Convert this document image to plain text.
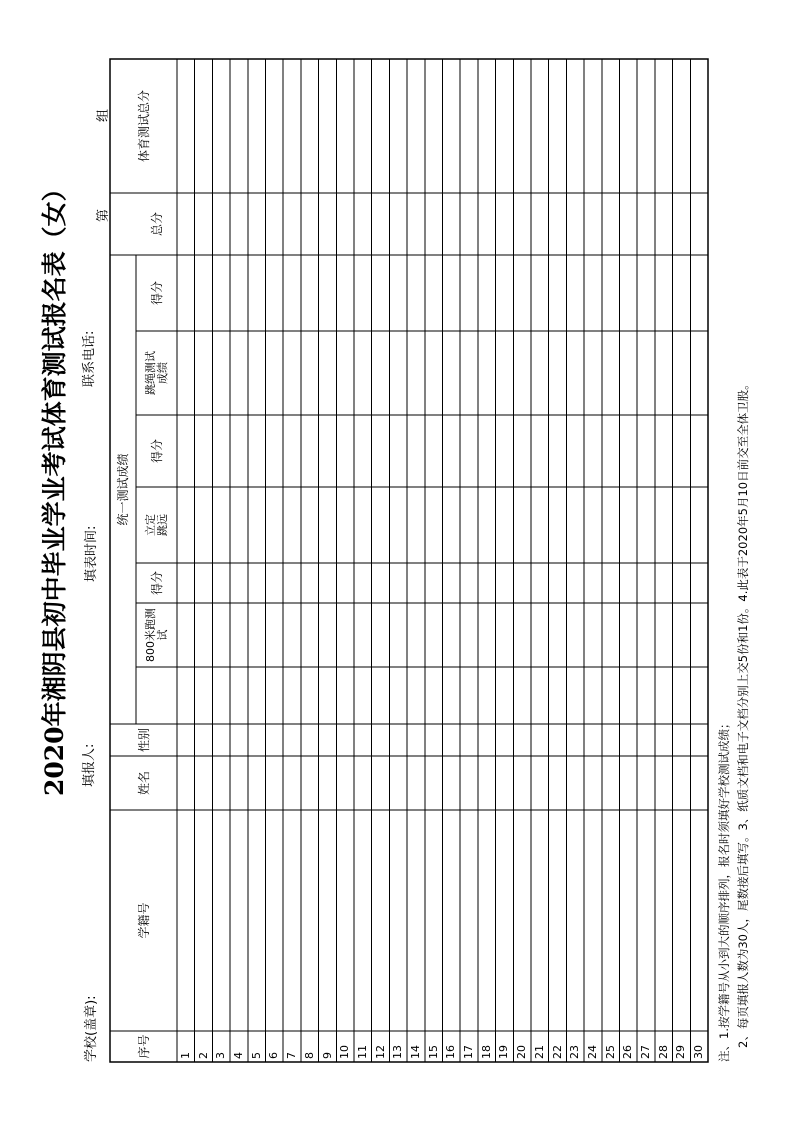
2020年湘阴县初中毕业学业考试体育测试报名表（女）
学校(盖章):
填报人:
填表时间:
联系电话:
第
组
序号
学籍号
姓名
性别
统一测试成绩
800米跑测试
得分
立定跳远
得分
跳绳测试成绩
得分
总分
1 2 3 4 5 6 7 8 9 10 11 12 13 14 15 16 17 18 19 20 21 22 23 24 25 26 27 28 29 30 注、1.按学籍号从小到大的顺序排列，报名时须填好学校测试成绩； 2、每页填报人数为30人，尾数接后填写。3、纸质文档和电子文档分别上交5份和1份。4.此表于2020年5月10日前交至全体卫股。
体育测试总分
